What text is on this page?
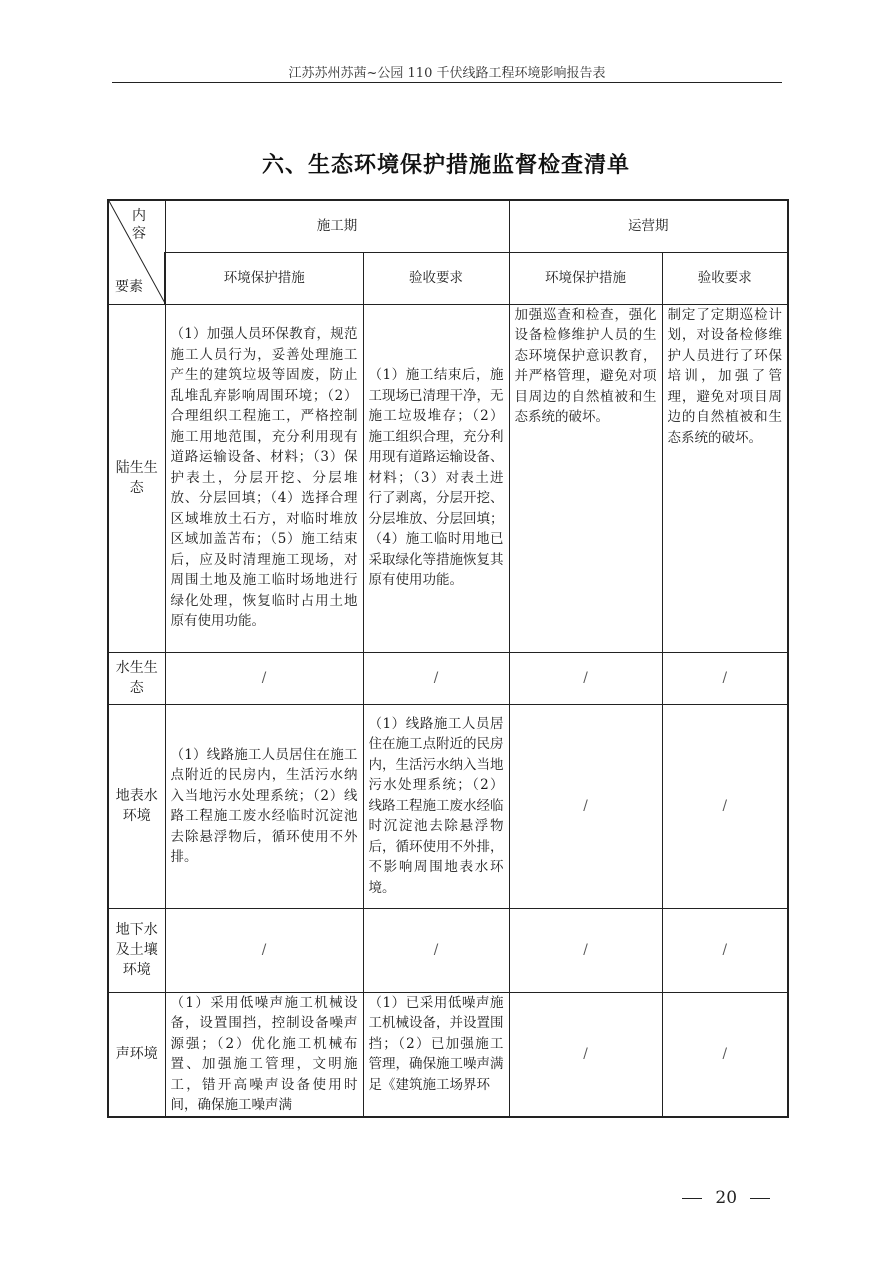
江苏苏州苏茜~公园 110 千伏线路工程环境影响报告表
六、生态环境保护措施监督检查清单
内容
要素	施工期		运营期	
	环境保护措施	验收要求	环境保护措施	验收要求
陆生生态	（1）加强人员环保教育，规范施工人员行为，妥善处理施工产生的建筑垃圾等固废，防止乱堆乱弃影响周围环境；（2）合理组织工程施工，严格控制施工用地范围，充分利用现有道路运输设备、材料；（3）保护表土，分层开挖、分层堆放、分层回填；（4）选择合理区域堆放土石方，对临时堆放区域加盖苫布；（5）施工结束后，应及时清理施工现场，对周围土地及施工临时场地进行绿化处理，恢复临时占用土地原有使用功能。	（1）施工结束后，施工现场已清理干净，无施工垃圾堆存；（2）施工组织合理，充分利用现有道路运输设备、材料；（3）对表土进行了剥离，分层开挖、分层堆放、分层回填；（4）施工临时用地已采取绿化等措施恢复其原有使用功能。	加强巡查和检查，强化设备检修维护人员的生态环境保护意识教育，并严格管理，避免对项目周边的自然植被和生态系统的破坏。	制定了定期巡检计划，对设备检修维护人员进行了环保培训，加强了管理，避免对项目周边的自然植被和生态系统的破坏。
水生生态	/	/	/	/
地表水环境	（1）线路施工人员居住在施工点附近的民房内，生活污水纳入当地污水处理系统；（2）线路工程施工废水经临时沉淀池去除悬浮物后，循环使用不外排。	（1）线路施工人员居住在施工点附近的民房内，生活污水纳入当地污水处理系统；（2）线路工程施工废水经临时沉淀池去除悬浮物后，循环使用不外排，不影响周围地表水环境。	/	/
地下水及土壤环境	/	/	/	/
声环境	（1）采用低噪声施工机械设备，设置围挡，控制设备噪声源强；（2）优化施工机械布置、加强施工管理，文明施工，错开高噪声设备使用时间，确保施工噪声满	（1）已采用低噪声施工机械设备，并设置围挡；（2）已加强施工管理，确保施工噪声满足《建筑施工场界环	/	/
20
